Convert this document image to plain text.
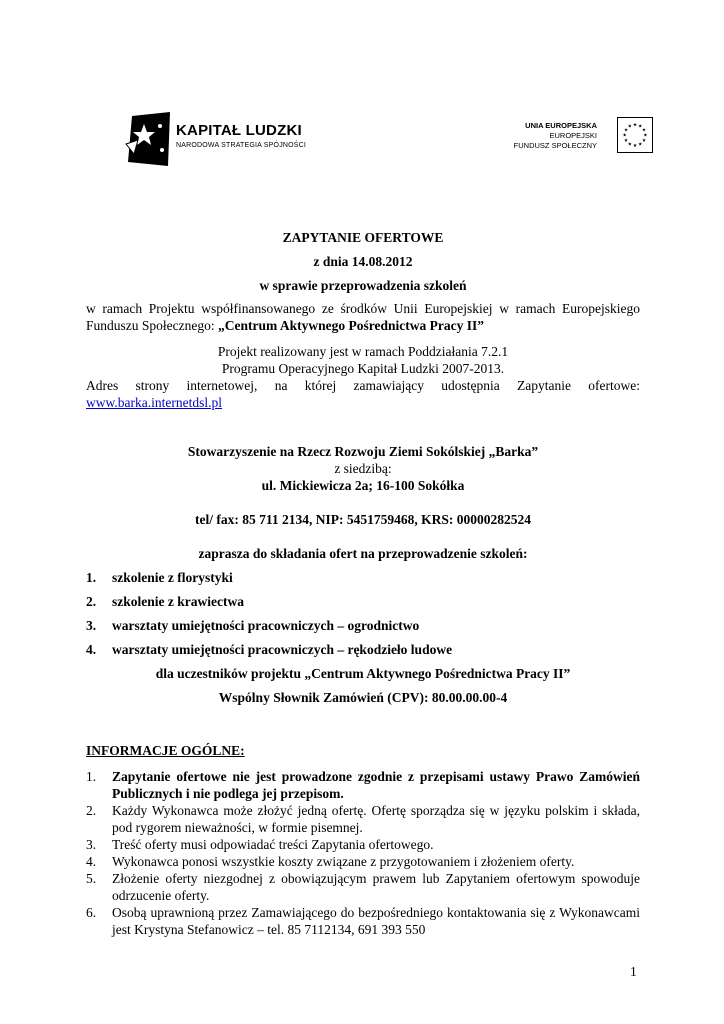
KAPITAŁ LUDZKI
NARODOWA STRATEGIA SPÓJNOŚCI
UNIA EUROPEJSKA
EUROPEJSKI
FUNDUSZ SPOŁECZNY
ZAPYTANIE OFERTOWE
z dnia 14.08.2012
w sprawie przeprowadzenia szkoleń
w ramach Projektu współfinansowanego ze środków Unii Europejskiej w ramach Europejskiego Funduszu Społecznego: „Centrum Aktywnego Pośrednictwa Pracy II”
Projekt realizowany jest w ramach Poddziałania 7.2.1
Programu Operacyjnego Kapitał Ludzki 2007-2013.
Adres strony internetowej, na której zamawiający udostępnia Zapytanie ofertowe:
www.barka.internetdsl.pl
Stowarzyszenie na Rzecz Rozwoju Ziemi Sokólskiej „Barka”
z siedzibą:
ul. Mickiewicza 2a; 16-100 Sokółka
tel/ fax: 85 711 2134, NIP: 5451759468, KRS: 00000282524
zaprasza do składania ofert na przeprowadzenie szkoleń:
1. szkolenie z florystyki
2. szkolenie z krawiectwa
3. warsztaty umiejętności pracowniczych – ogrodnictwo
4. warsztaty umiejętności pracowniczych – rękodzieło ludowe
dla uczestników projektu „Centrum Aktywnego Pośrednictwa Pracy II”
Wspólny Słownik Zamówień (CPV): 80.00.00.00-4
INFORMACJE OGÓLNE:
1. Zapytanie ofertowe nie jest prowadzone zgodnie z przepisami ustawy Prawo Zamówień Publicznych i nie podlega jej przepisom.
2. Każdy Wykonawca może złożyć jedną ofertę. Ofertę sporządza się w języku polskim i składa, pod rygorem nieważności, w formie pisemnej.
3. Treść oferty musi odpowiadać treści Zapytania ofertowego.
4. Wykonawca ponosi wszystkie koszty związane z przygotowaniem i złożeniem oferty.
5. Złożenie oferty niezgodnej z obowiązującym prawem lub Zapytaniem ofertowym spowoduje odrzucenie oferty.
6. Osobą uprawnioną przez Zamawiającego do bezpośredniego kontaktowania się z Wykonawcami jest Krystyna Stefanowicz – tel. 85 7112134, 691 393 550
1
